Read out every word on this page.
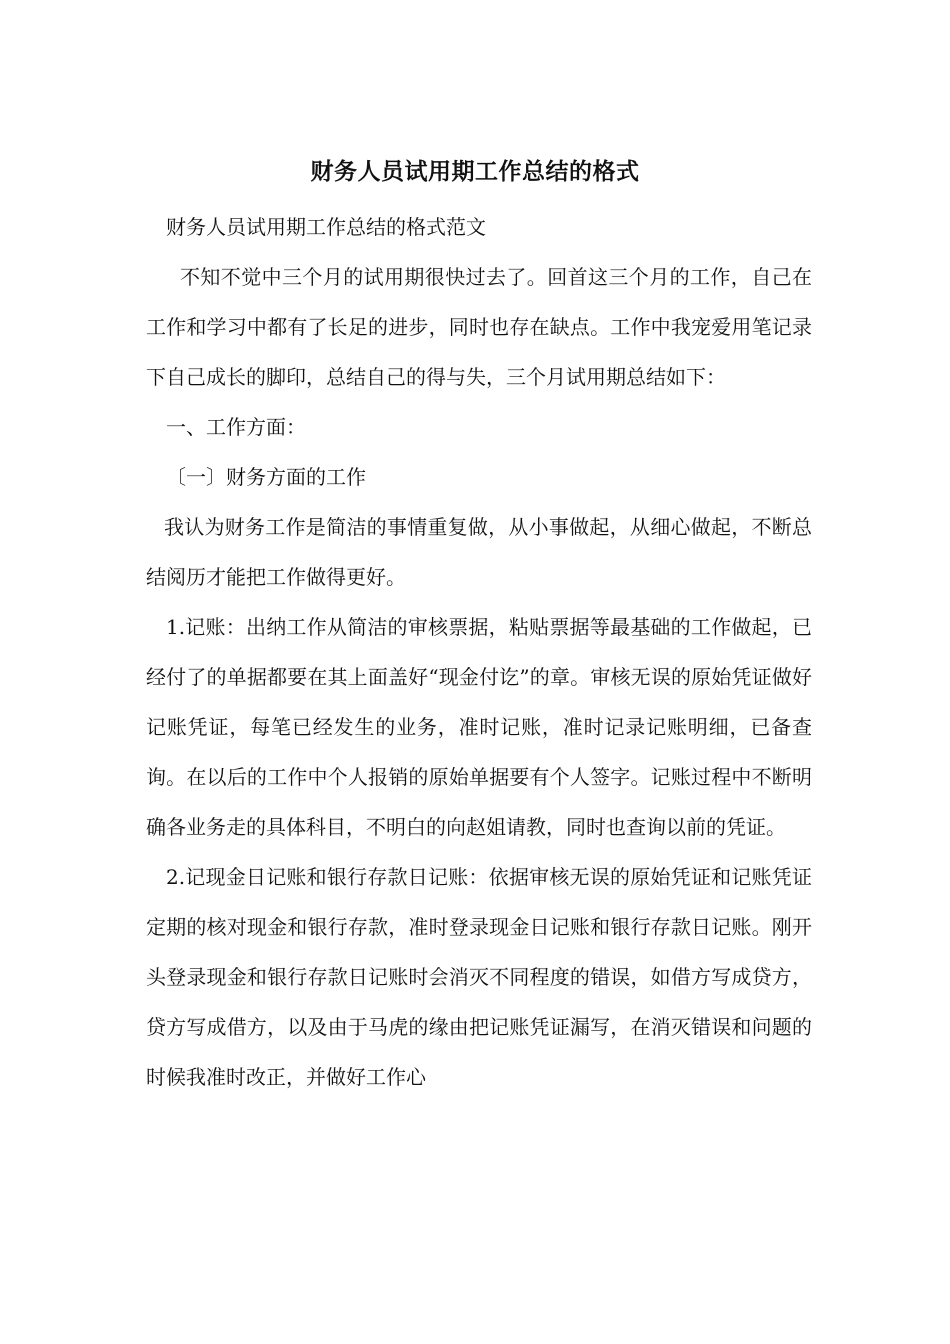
财务人员试用期工作总结的格式

财务人员试用期工作总结的格式范文

不知不觉中三个月的试用期很快过去了。回首这三个月的工作，自己在工作和学习中都有了长足的进步，同时也存在缺点。工作中我宠爱用笔记录下自己成长的脚印，总结自己的得与失，三个月试用期总结如下：

一、工作方面：

〔一〕财务方面的工作

我认为财务工作是简洁的事情重复做，从小事做起，从细心做起，不断总结阅历才能把工作做得更好。

1.记账：出纳工作从简洁的审核票据，粘贴票据等最基础的工作做起，已经付了的单据都要在其上面盖好“现金付讫”的章。审核无误的原始凭证做好记账凭证，每笔已经发生的业务，准时记账，准时记录记账明细，已备查询。在以后的工作中个人报销的原始单据要有个人签字。记账过程中不断明确各业务走的具体科目，不明白的向赵姐请教，同时也查询以前的凭证。

2.记现金日记账和银行存款日记账：依据审核无误的原始凭证和记账凭证定期的核对现金和银行存款，准时登录现金日记账和银行存款日记账。刚开头登录现金和银行存款日记账时会消灭不同程度的错误，如借方写成贷方，贷方写成借方，以及由于马虎的缘由把记账凭证漏写，在消灭错误和问题的时候我准时改正，并做好工作心
